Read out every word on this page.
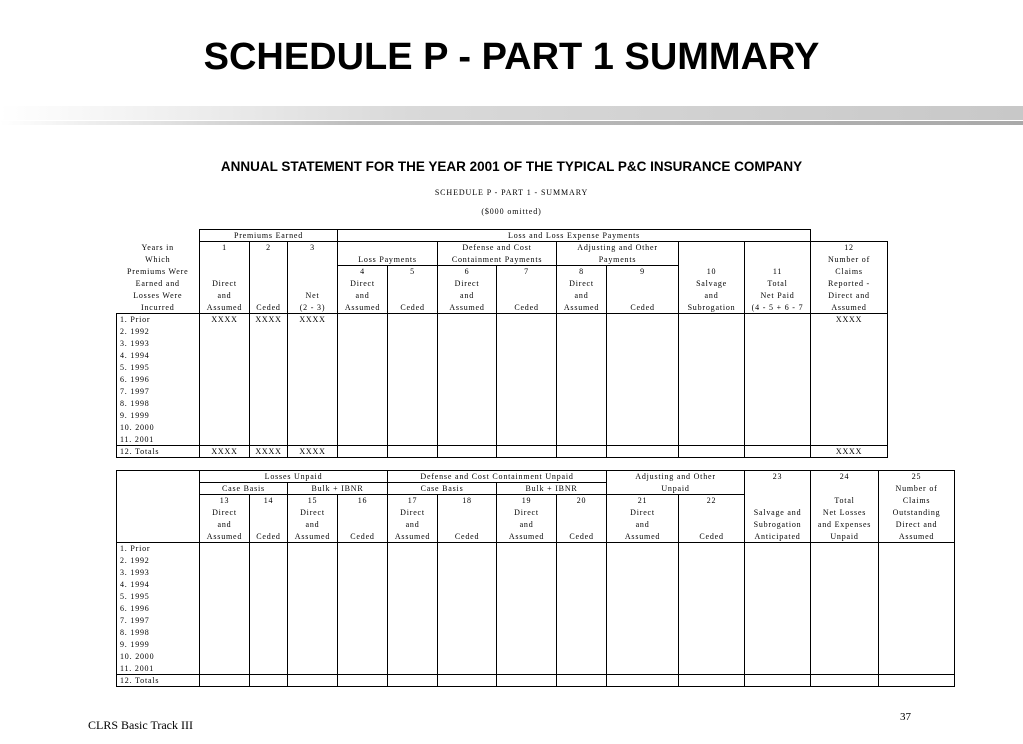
SCHEDULE P - PART 1 SUMMARY
ANNUAL STATEMENT FOR THE YEAR 2001 OF THE TYPICAL P&C INSURANCE COMPANY
SCHEDULE P - PART 1 - SUMMARY
($000 omitted)
	Premiums Earned			Loss and Loss Expense Payments								
Years in	1	2	3			Defense and Cost		Adjusting and Other				12
Which				Loss Payments		Containment Payments		Payments				Number of
Premiums Were				4	5	6	7	8	9	10	11	Claims
Earned and	Direct			Direct		Direct		Direct		Salvage	Total	Reported -
Losses Were	and		Net	and		and		and		and	Net Paid	Direct and
Incurred	Assumed	Ceded	(2 - 3)	Assumed	Ceded	Assumed	Ceded	Assumed	Ceded	Subrogation	(4 - 5 + 6 - 7	Assumed
1. Prior	XXXX	XXXX	XXXX									XXXX
2. 1992												
3. 1993												
4. 1994												
5. 1995												
6. 1996												
7. 1997												
8. 1998												
9. 1999												
10. 2000												
11. 2001												
12. Totals	XXXX	XXXX	XXXX									XXXX
	Losses Unpaid				Defense and Cost Containment Unpaid				Adjusting and Other		23	24	25
	Case Basis		Bulk + IBNR		Case Basis		Bulk + IBNR		Unpaid				Number of
	13	14	15	16	17	18	19	20	21	22		Total	Claims
	Direct		Direct		Direct		Direct		Direct		Salvage and	Net Losses	Outstanding
	and		and		and		and		and		Subrogation	and Expenses	Direct and
	Assumed	Ceded	Assumed	Ceded	Assumed	Ceded	Assumed	Ceded	Assumed	Ceded	Anticipated	Unpaid	Assumed
1. Prior													
2. 1992													
3. 1993													
4. 1994													
5. 1995													
6. 1996													
7. 1997													
8. 1998													
9. 1999													
10. 2000													
11. 2001													
12. Totals													
CLRS Basic Track III
37
